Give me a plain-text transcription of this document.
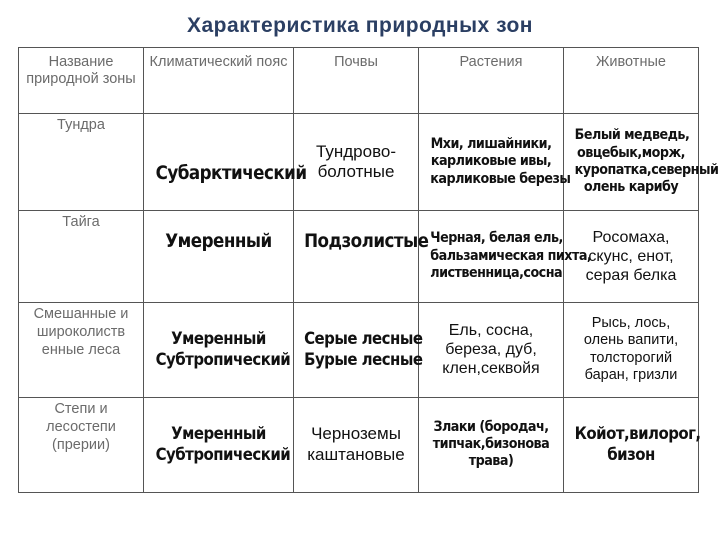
Характеристика природных зон
Название природной зоны	Климатический пояс	Почвы	Растения	Животные

Тундра	Субарктический	Тундрово-
болотные	Мхи, лишайники,
карликовые ивы,
карликовые березы	Белый медведь,
овцебык,морж,
куропатка,северный
олень карибу

Тайга	Умеренный	Подзолистые	Черная, белая ель,
бальзамическая пихта,
лиственница,сосна	Росомаха,
скунс, енот,
серая белка

Смешанные и
широколиств
енные леса	Умеренный
Субтропический	Серые лесные
Бурые лесные	Ель, сосна,
береза, дуб,
клен,секвойя	Рысь, лось,
олень вапити,
толсторогий
баран, гризли

Степи и
лесостепи
(прерии)	Умеренный
Субтропический	Черноземы
каштановые	Злаки (бородач,
типчак,бизонова
трава)	Койот,вилорог,
бизон
